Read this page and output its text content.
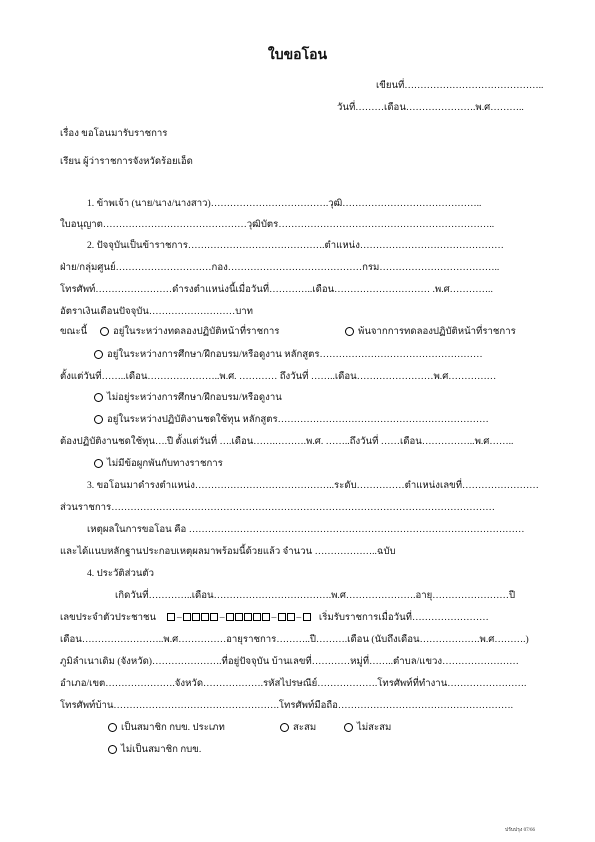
ใบขอโอน
เขียนที่……………………………………..
วันที่………เดือน………………….พ.ศ………..
เรื่อง ขอโอนมารับราชการ
เรียน ผู้ว่าราชการจังหวัดร้อยเอ็ด
1. ข้าพเจ้า (นาย/นาง/นางสาว)……………………………….วุฒิ……………………………………..
ใบอนุญาต………………………………………วุฒิบัตร…………………………………………………………..
2. ปัจจุบันเป็นข้าราชการ…………………………………….ตำแหน่ง………………………………………
ฝ่าย/กลุ่มศูนย์…………………………กอง……………………………………กรม………………………………..
โทรศัพท์……………………ดำรงตำแหน่งนี้เมื่อวันที่…………..เดือน………………………… .พ.ศ…………..
อัตราเงินเดือนปัจจุบัน………………………บาท
ขณะนี้	อยู่ในระหว่างทดลองปฏิบัติหน้าที่ราชการ	พ้นจากการทดลองปฏิบัติหน้าที่ราชการ
อยู่ในระหว่างการศึกษา/ฝึกอบรม/หรือดูงาน หลักสูตร……………………………………………
ตั้งแต่วันที่……..เดือน…………………..พ.ศ. ………… ถึงวันที่ ……..เดือน……………………พ.ศ……………
ไม่อยู่ระหว่างการศึกษา/ฝึกอบรม/หรือดูงาน
อยู่ในระหว่างปฏิบัติงานชดใช้ทุน หลักสูตร…………………………………………………………
ต้องปฏิบัติงานชดใช้ทุน….ปี ตั้งแต่วันที่ ….เดือน…….……….พ.ศ. ……..ถึงวันที่ ……เดือน……………..พ.ศ……..
ไม่มีข้อผูกพันกับทางราชการ
3. ขอโอนมาดำรงตำแหน่ง……………………………………..ระดับ……………ตำแหน่งเลขที่……………………
ส่วนราชการ…………………………………………………………………………………………………………
เหตุผลในการขอโอน คือ ……………………………………………………………………………………………
และได้แนบหลักฐานประกอบเหตุผลมาพร้อมนี้ด้วยแล้ว จำนวน ………………..ฉบับ
4. ประวัติส่วนตัว
เกิดวันที่…………..เดือน……………………………….พ.ศ………………….อายุ……………………ปี
เลขประจำตัวประชาชน –	–	– – เริ่มรับราชการเมื่อวันที่……………………
เดือน……………………..พ.ศ……………อายุราชการ………..ปี……….เดือน (นับถึงเดือน……………….พ.ศ……….)
ภูมิลำเนาเดิม (จังหวัด)………………….ที่อยู่ปัจจุบัน บ้านเลขที่…………หมู่ที่……..ตำบล/แขวง……………………
อำเภอ/เขต………………….จังหวัด……………….รหัสไปรษณีย์……………….โทรศัพท์ที่ทำงาน…………………….
โทรศัพท์บ้าน…………………………………………….โทรศัพท์มือถือ……………………………………………….
เป็นสมาชิก กบข. ประเภท	สะสม	ไม่สะสม
ไม่เป็นสมาชิก กบข.
ปรับปรุง 07/66
